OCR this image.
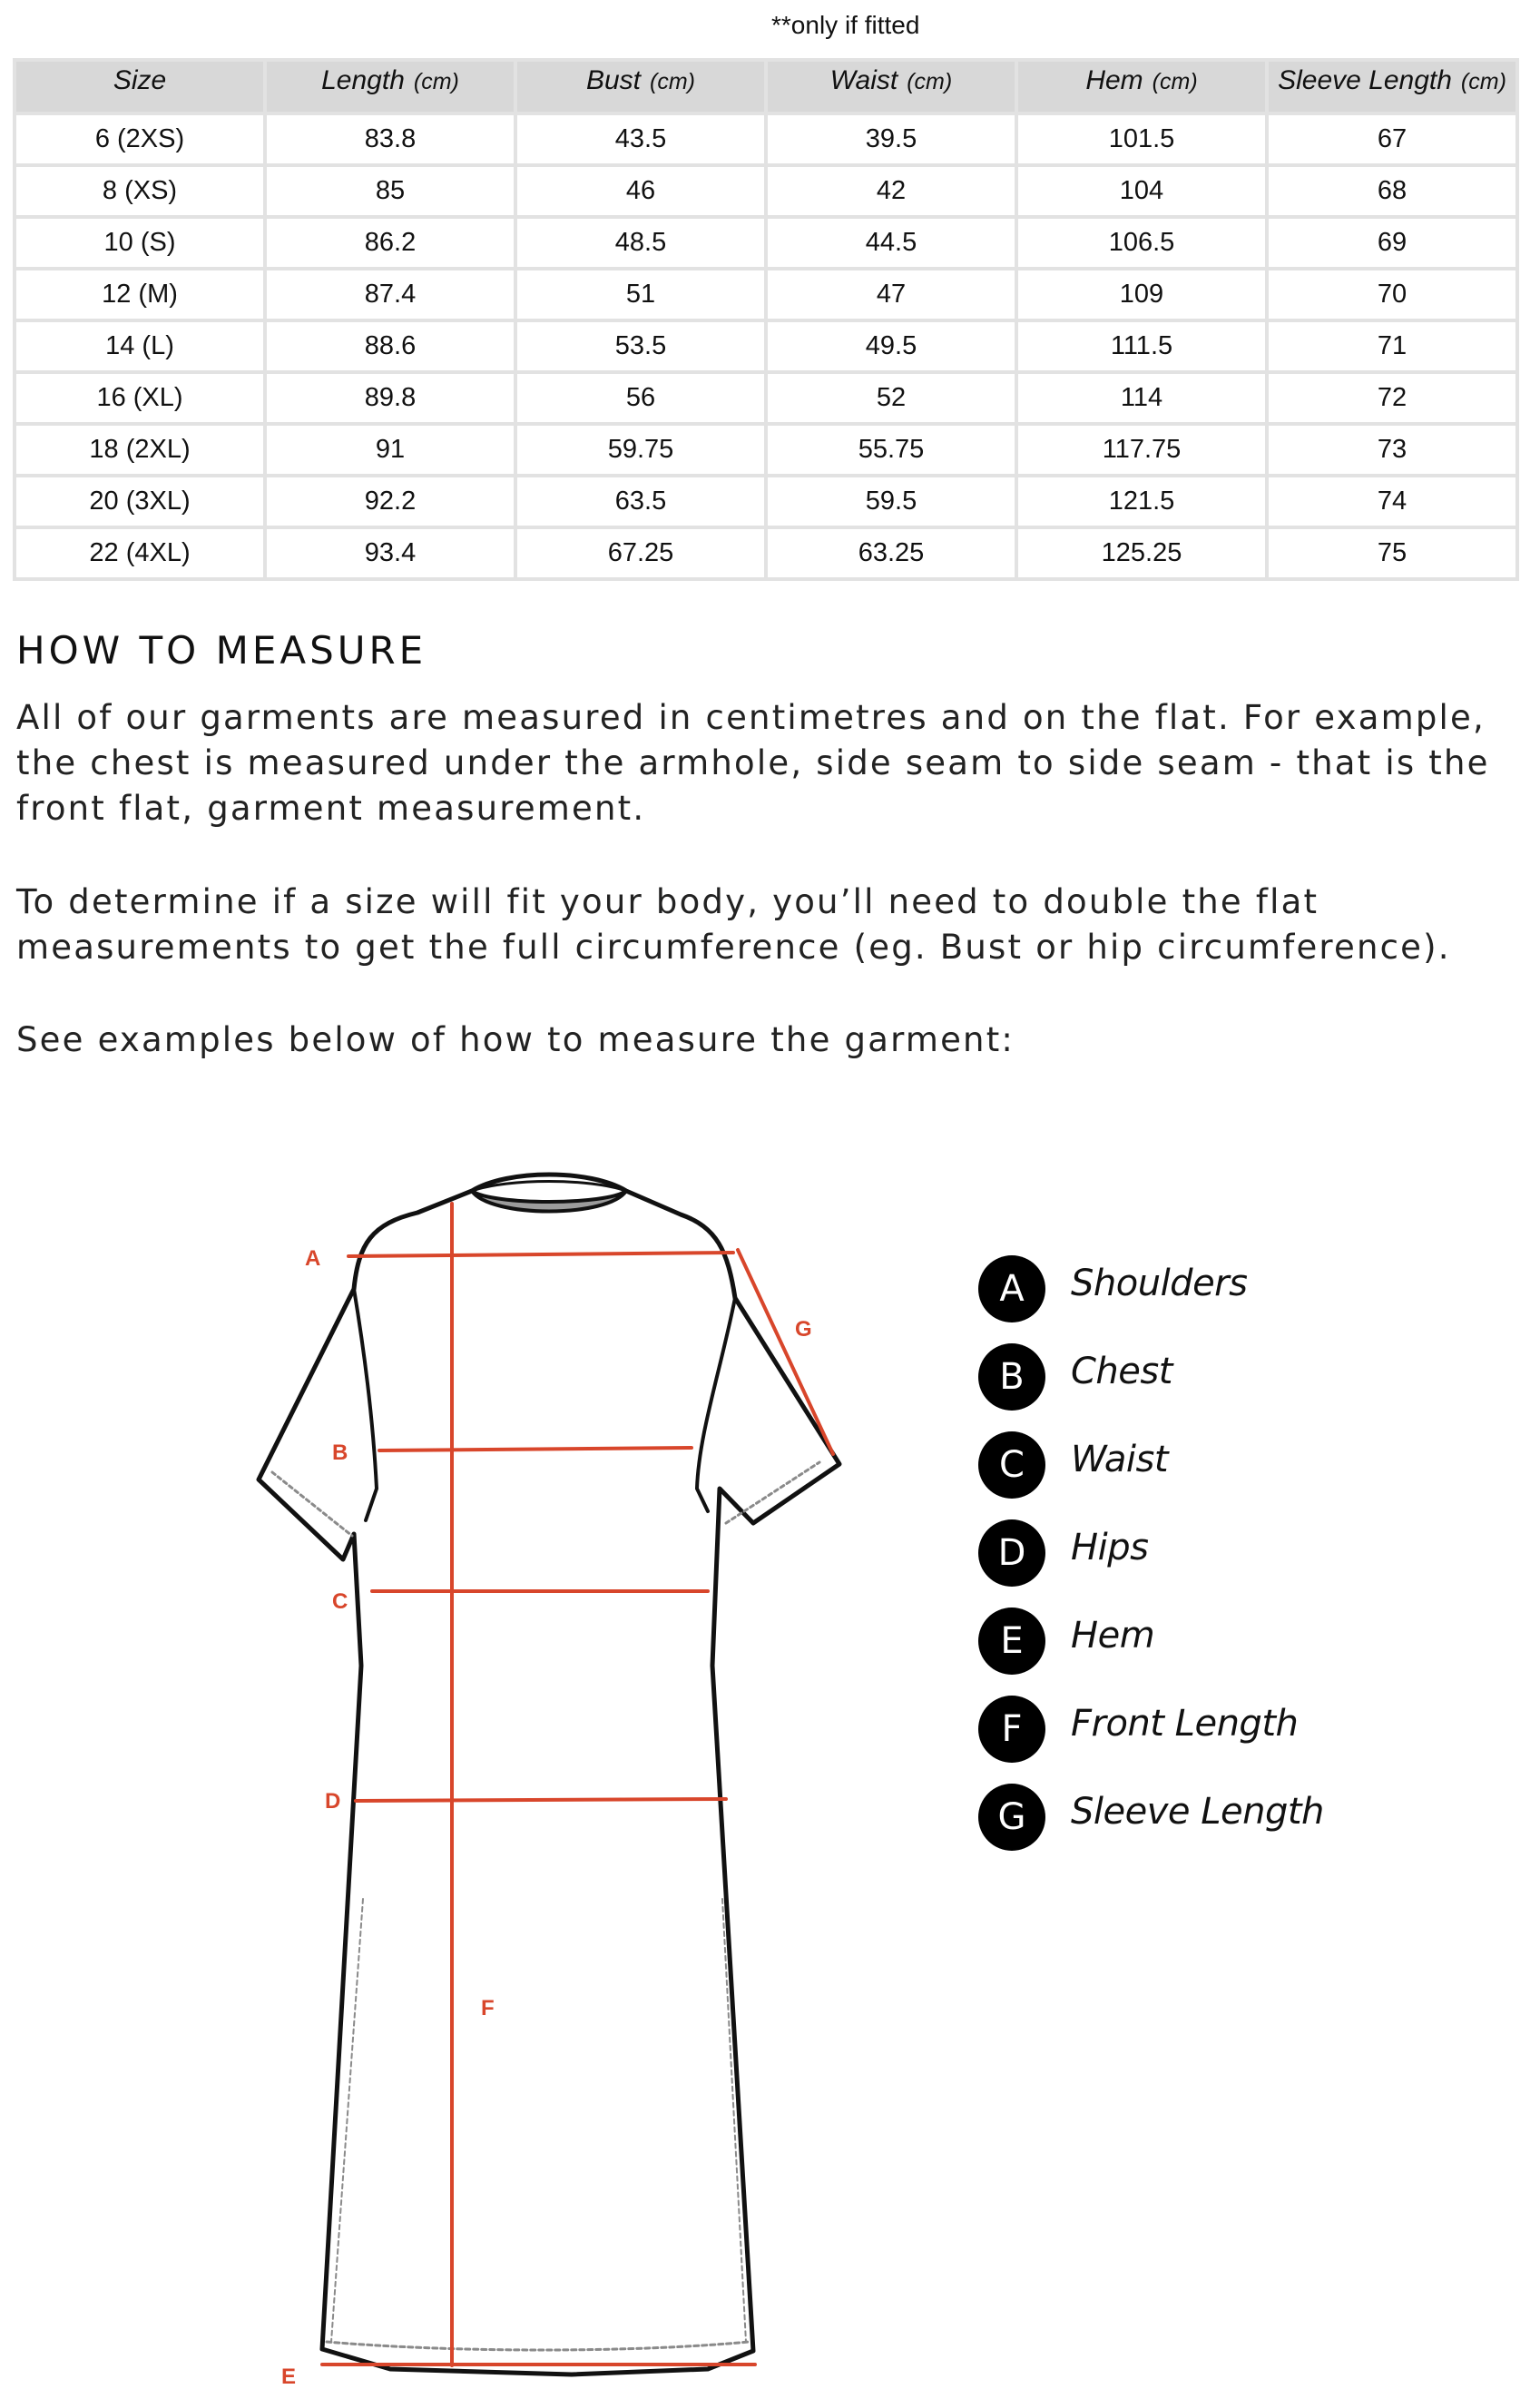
**only if fitted
Size	Length (cm)	Bust (cm)	Waist (cm)	Hem (cm)	Sleeve Length (cm)
6 (2XS)	83.8	43.5	39.5	101.5	67
8 (XS)	85	46	42	104	68
10 (S)	86.2	48.5	44.5	106.5	69
12 (M)	87.4	51	47	109	70
14 (L)	88.6	53.5	49.5	111.5	71
16 (XL)	89.8	56	52	114	72
18 (2XL)	91	59.75	55.75	117.75	73
20 (3XL)	92.2	63.5	59.5	121.5	74
22 (4XL)	93.4	67.25	63.25	125.25	75
HOW TO MEASURE

All of our garments are measured in centimetres and on the flat. For example, the chest is measured under the armhole, side seam to side seam - that is the front flat, garment measurement.

To determine if a size will fit your body, you’ll need to double the flat measurements to get the full circumference (eg. Bust or hip circumference).

See examples below of how to measure the garment:

A
B
C
D
E
F
G
A	Shoulders
B	Chest
C	Waist
D	Hips
E	Hem
F	Front Length
G	Sleeve Length
